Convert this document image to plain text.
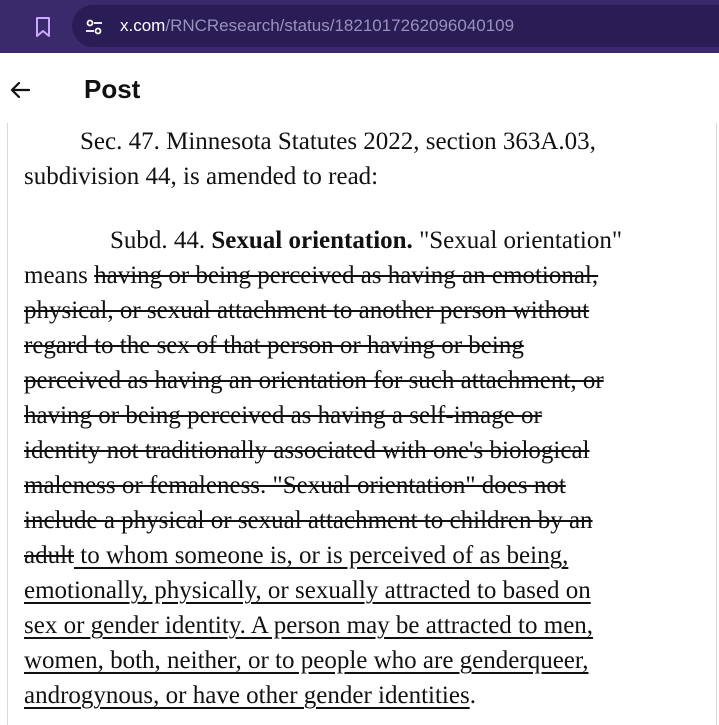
x.com/RNCResearch/status/1821017262096040109
Post
Sec. 47. Minnesota Statutes 2022, section 363A.03,
subdivision 44, is amended to read:
Subd. 44. Sexual orientation. "Sexual orientation"
means having or being perceived as having an emotional,
physical, or sexual attachment to another person without
regard to the sex of that person or having or being
perceived as having an orientation for such attachment, or
having or being perceived as having a self-image or
identity not traditionally associated with one's biological
maleness or femaleness. "Sexual orientation" does not
include a physical or sexual attachment to children by an
adult to whom someone is, or is perceived of as being,
emotionally, physically, or sexually attracted to based on
sex or gender identity. A person may be attracted to men,
women, both, neither, or to people who are genderqueer,
androgynous, or have other gender identities.
